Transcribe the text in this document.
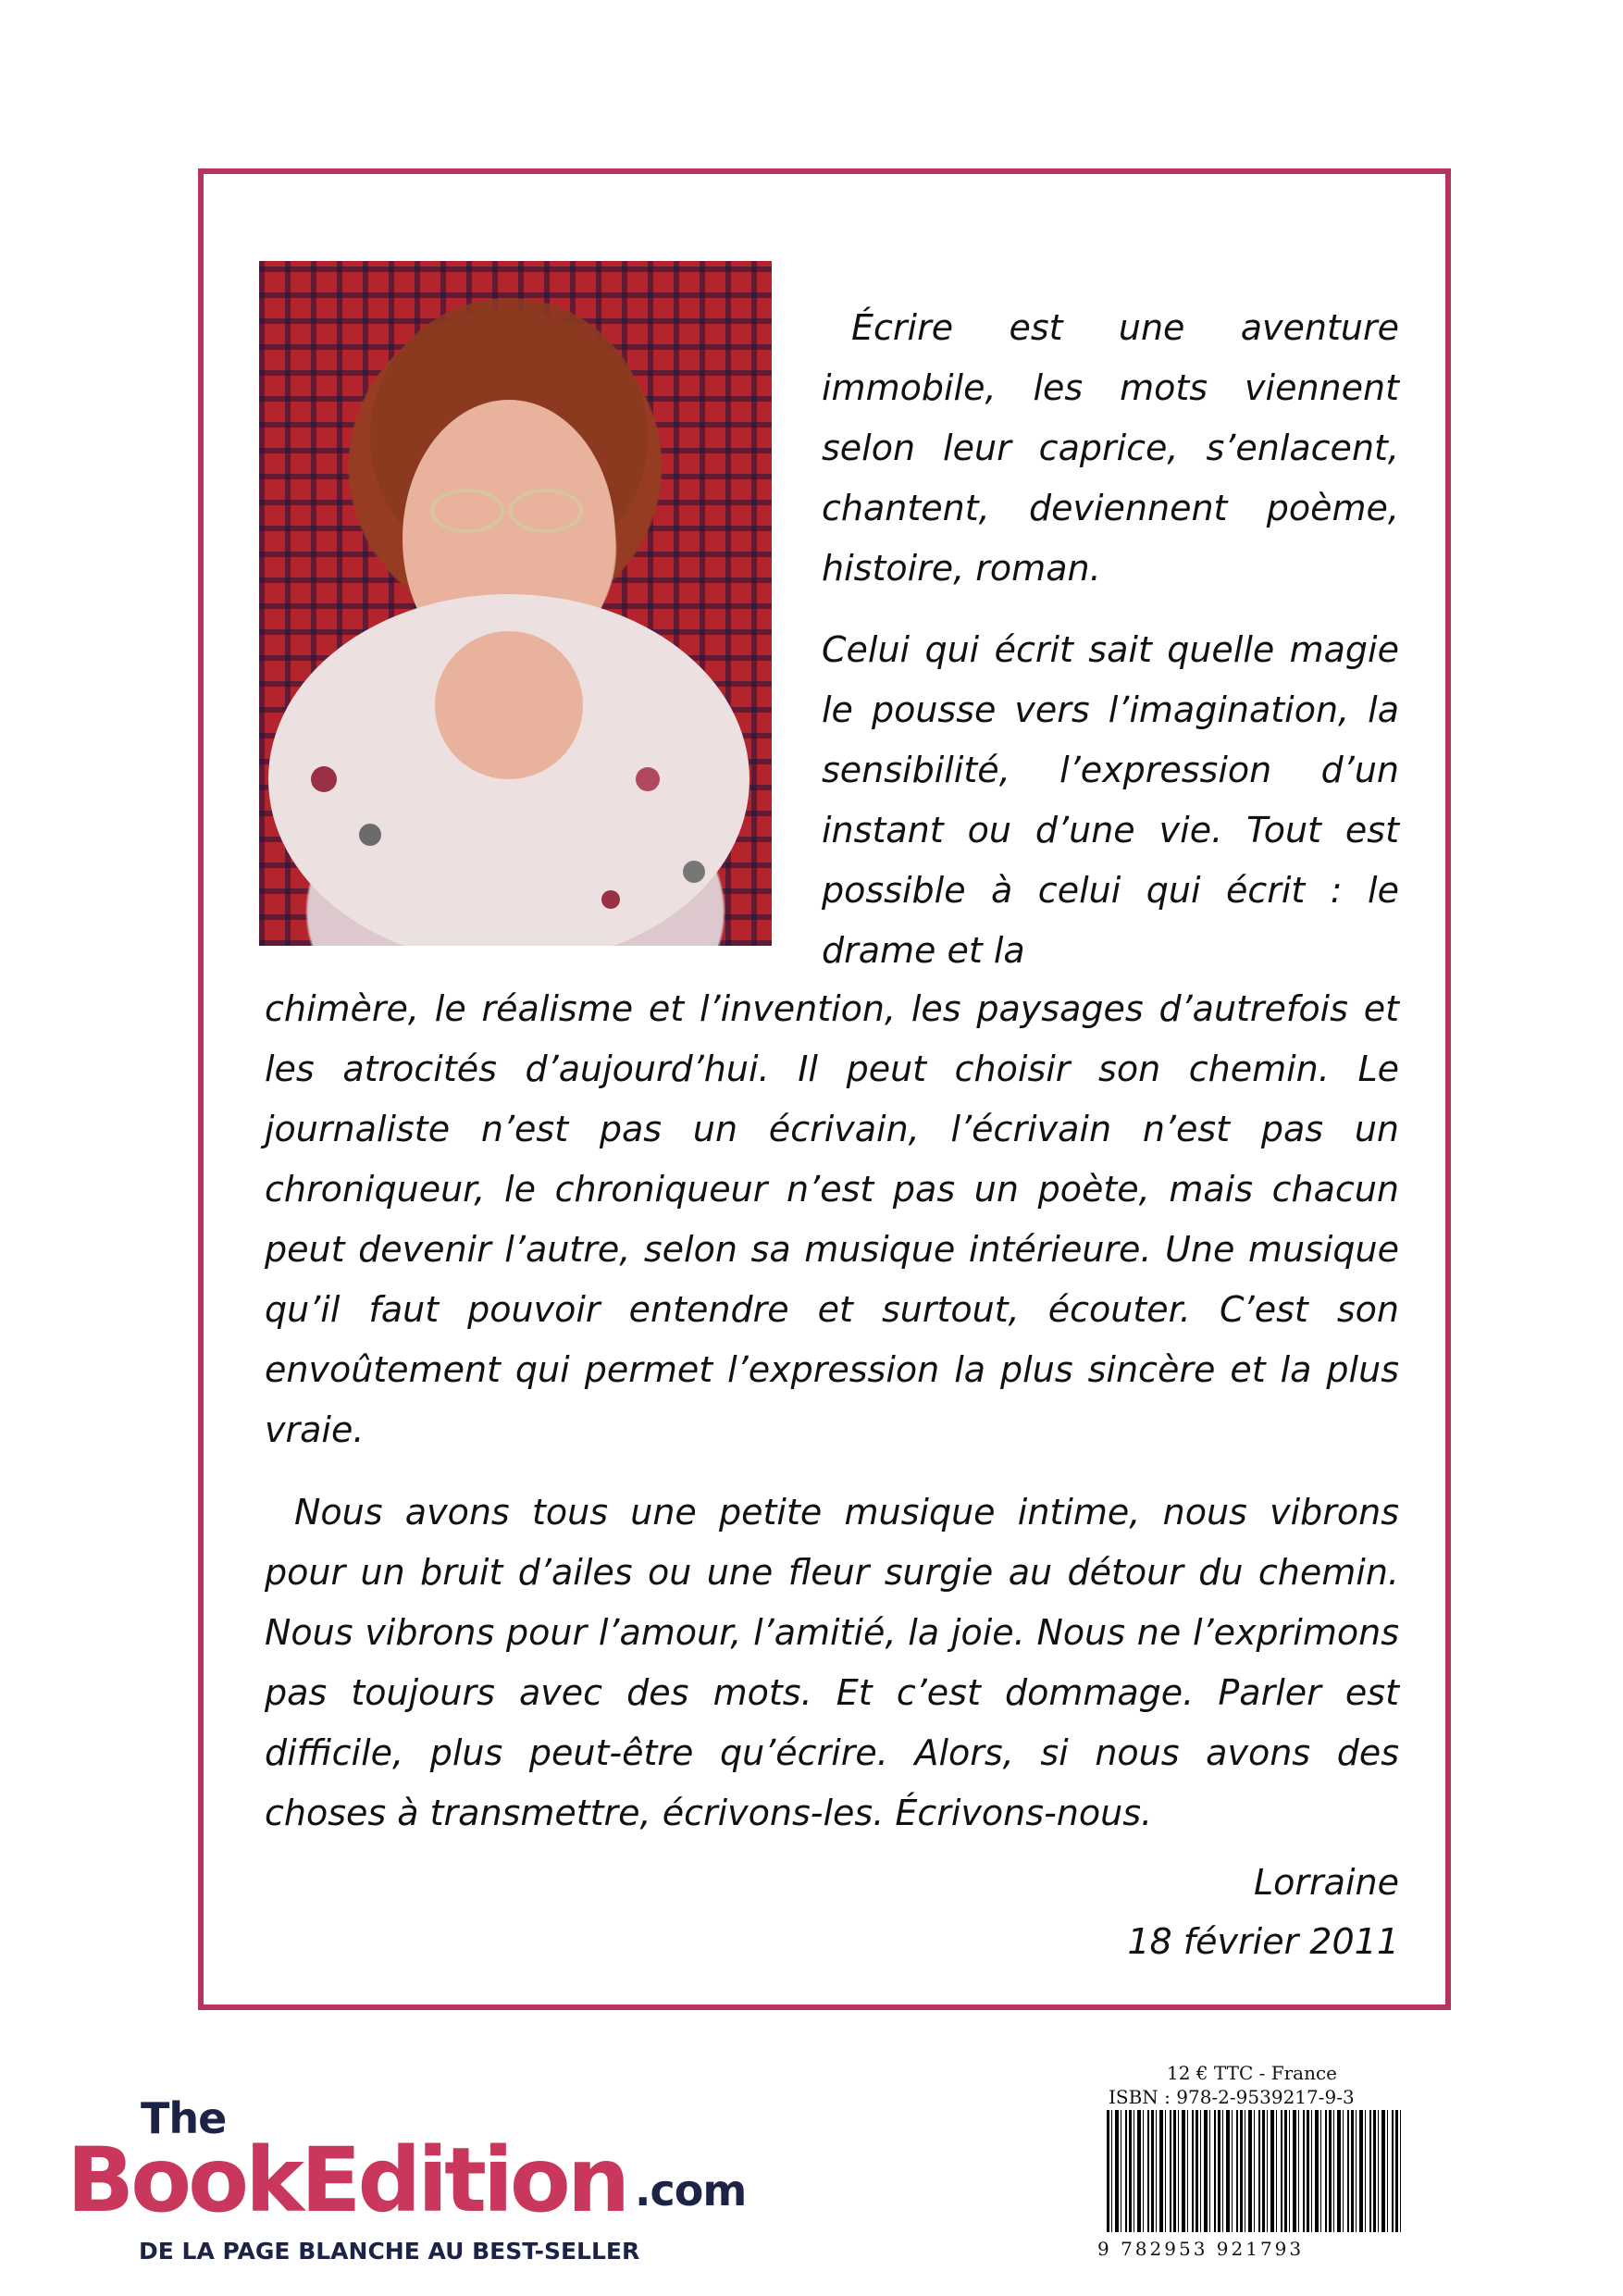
Écrire est une aventure immobile, les mots viennent selon leur caprice, s’enlacent, chantent, deviennent poème, histoire, roman.

Celui qui écrit sait quelle magie le pousse vers l’imagination, la sensibilité, l’expression d’un instant ou d’une vie. Tout est possible à celui qui écrit : le drame et la

chimère, le réalisme et l’invention, les paysages d’autrefois et les atrocités d’aujourd’hui. Il peut choisir son chemin. Le journaliste n’est pas un écrivain, l’écrivain n’est pas un chroniqueur, le chroniqueur n’est pas un poète, mais chacun peut devenir l’autre, selon sa musique intérieure. Une musique qu’il faut pouvoir entendre et surtout, écouter. C’est son envoûtement qui permet l’expression la plus sincère et la plus vraie.

Nous avons tous une petite musique intime, nous vibrons pour un bruit d’ailes ou une fleur surgie au détour du chemin. Nous vibrons pour l’amour, l’amitié, la joie. Nous ne l’exprimons pas toujours avec des mots. Et c’est dommage. Parler est difficile, plus peut-être qu’écrire. Alors, si nous avons des choses à transmettre, écrivons-les. Écrivons-nous.

Lorraine
18 février 2011
The
BookEdition .com
DE LA PAGE BLANCHE AU BEST-SELLER
12 € TTC - France
ISBN : 978-2-9539217-9-3
9 782953 921793
